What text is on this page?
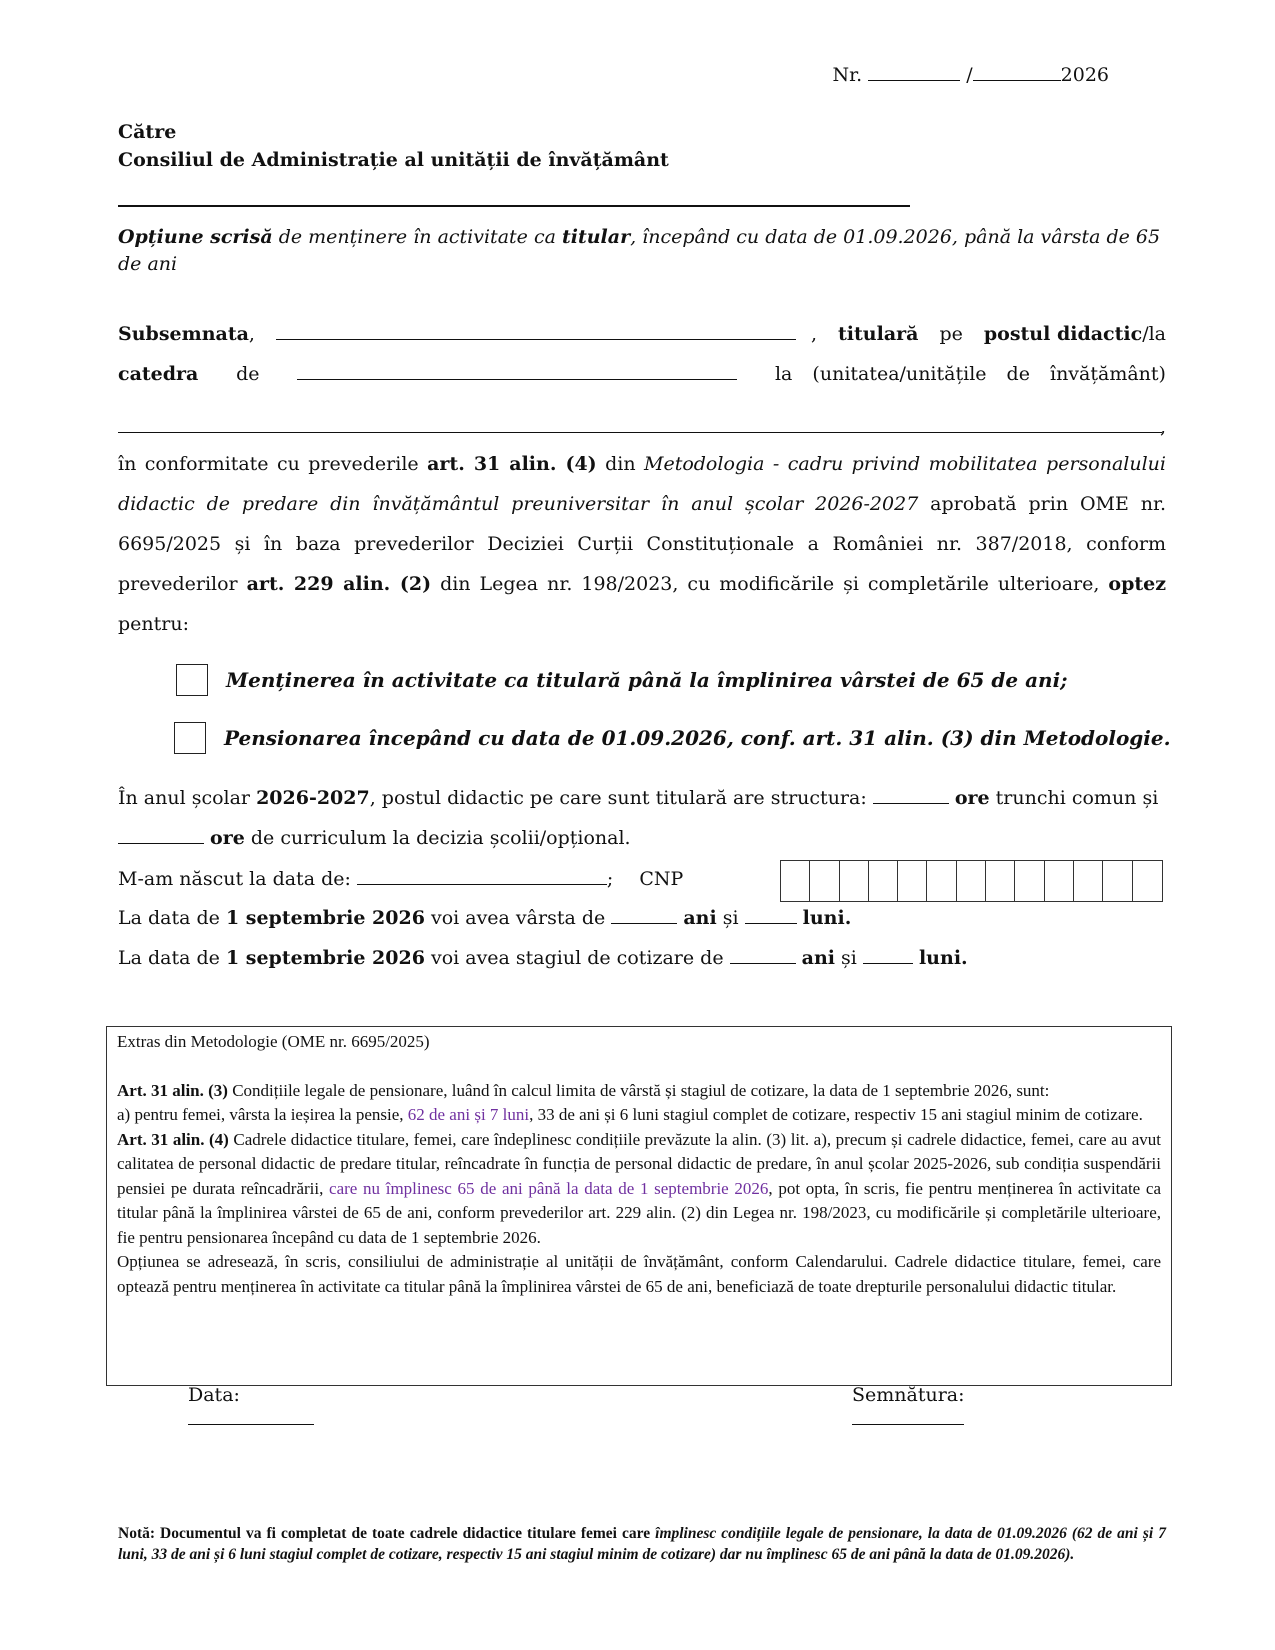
Nr.	/	2026
Către
Consiliul de Administrație al unității de învățământ
Opțiune scrisă de menținere în activitate ca titular, începând cu data de 01.09.2026, până la vârsta de 65 de ani
Subsemnata,	, titulară pe postul didactic/la
catedra de	la (unitatea/unitățile de învățământ)
,
în conformitate cu prevederile art. 31 alin. (4) din Metodologia - cadru privind mobilitatea personalului didactic de predare din învățământul preuniversitar în anul școlar 2026-2027 aprobată prin OME nr. 6695/2025 și în baza prevederilor Deciziei Curții Constituționale a României nr. 387/2018, conform prevederilor art. 229 alin. (2) din Legea nr. 198/2023, cu modificările și completările ulterioare, optez pentru:
Menținerea în activitate ca titulară până la împlinirea vârstei de 65 de ani;
Pensionarea începând cu data de 01.09.2026, conf. art. 31 alin. (3) din Metodologie.
În anul școlar 2026-2027, postul didactic pe care sunt titulară are structura:	ore trunchi comun și
ore de curriculum la decizia școlii/opțional.
M-am născut la data de:	; CNP
La data de 1 septembrie 2026 voi avea vârsta de	ani și	luni.
La data de 1 septembrie 2026 voi avea stagiul de cotizare de	ani și	luni.

Extras din Metodologie (OME nr. 6695/2025)

Art. 31 alin. (3) Condițiile legale de pensionare, luând în calcul limita de vârstă și stagiul de cotizare, la data de 1 septembrie 2026, sunt:

a) pentru femei, vârsta la ieșirea la pensie, 62 de ani și 7 luni, 33 de ani și 6 luni stagiul complet de cotizare, respectiv 15 ani stagiul minim de cotizare.

Art. 31 alin. (4) Cadrele didactice titulare, femei, care îndeplinesc condițiile prevăzute la alin. (3) lit. a), precum și cadrele didactice, femei, care au avut calitatea de personal didactic de predare titular, reîncadrate în funcția de personal didactic de predare, în anul școlar 2025-2026, sub condiția suspendării pensiei pe durata reîncadrării, care nu împlinesc 65 de ani până la data de 1 septembrie 2026, pot opta, în scris, fie pentru menținerea în activitate ca titular până la împlinirea vârstei de 65 de ani, conform prevederilor art. 229 alin. (2) din Legea nr. 198/2023, cu modificările și completările ulterioare, fie pentru pensionarea începând cu data de 1 septembrie 2026.

Opțiunea se adresează, în scris, consiliului de administrație al unității de învățământ, conform Calendarului. Cadrele didactice titulare, femei, care optează pentru menținerea în activitate ca titular până la împlinirea vârstei de 65 de ani, beneficiază de toate drepturile personalului didactic titular.

Data:	Semnătura:
Notă: Documentul va fi completat de toate cadrele didactice titulare femei care împlinesc condițiile legale de pensionare, la data de 01.09.2026 (62 de ani și 7 luni, 33 de ani și 6 luni stagiul complet de cotizare, respectiv 15 ani stagiul minim de cotizare) dar nu împlinesc 65 de ani până la data de 01.09.2026).
